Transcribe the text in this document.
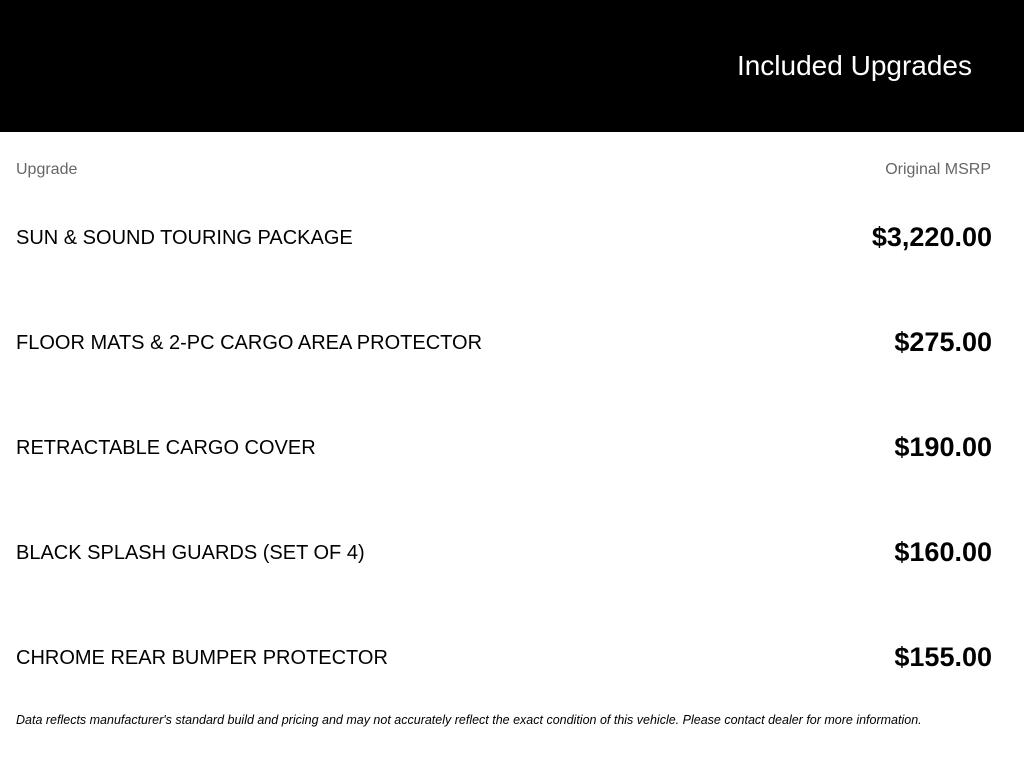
Included Upgrades
Upgrade	Original MSRP
SUN & SOUND TOURING PACKAGE	$3,220.00
FLOOR MATS & 2-PC CARGO AREA PROTECTOR	$275.00
RETRACTABLE CARGO COVER	$190.00
BLACK SPLASH GUARDS (SET OF 4)	$160.00
CHROME REAR BUMPER PROTECTOR	$155.00
Data reflects manufacturer's standard build and pricing and may not accurately reflect the exact condition of this vehicle. Please contact dealer for more information.
